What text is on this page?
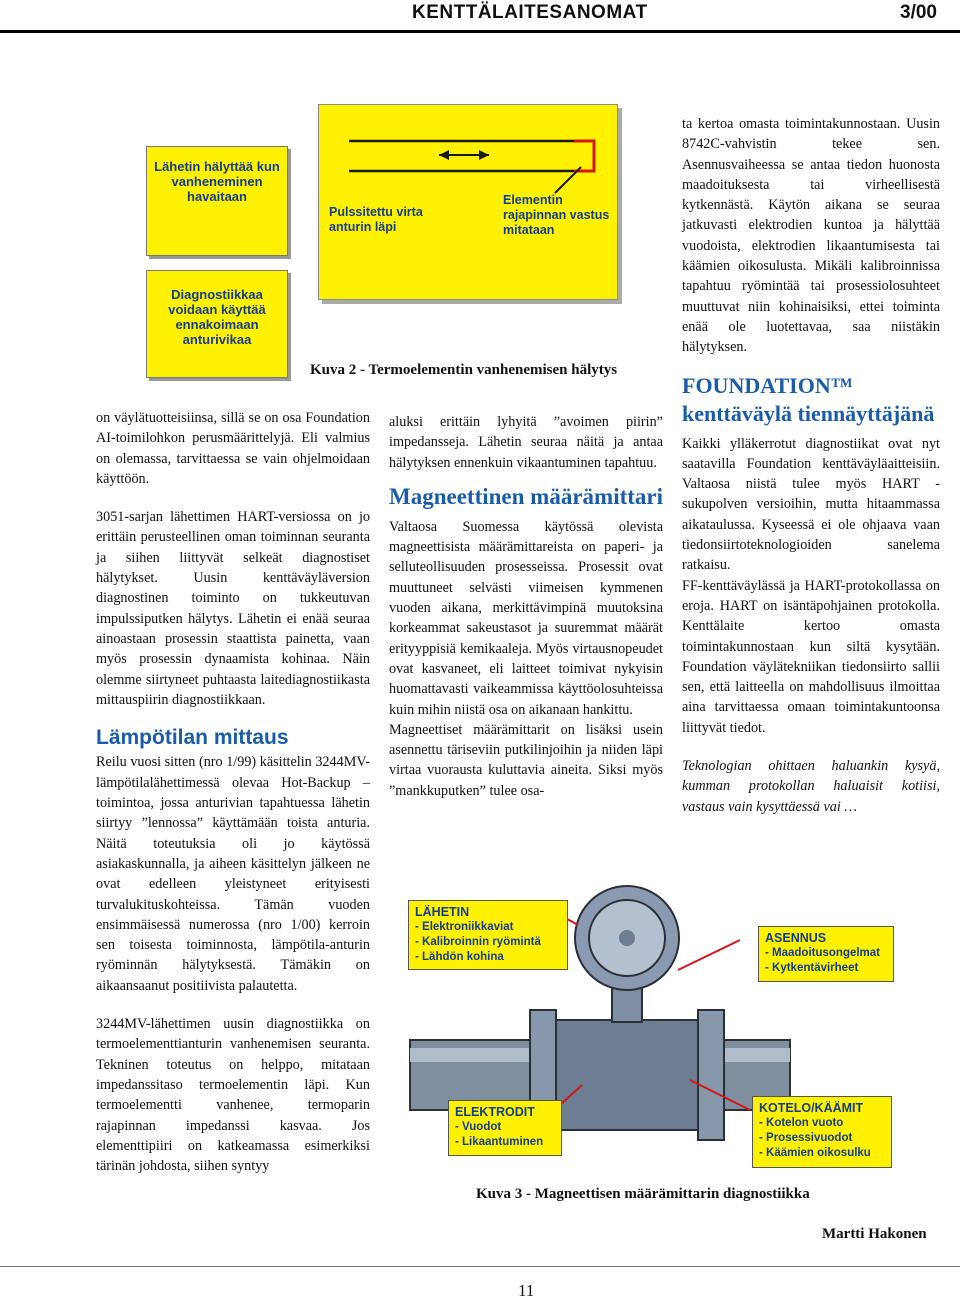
KENTTÄLAITESANOMAT	3/00
Lähetin hälyttää kun vanheneminen havaitaan
Diagnostiikkaa voidaan käyttää ennakoimaan anturivikaa
Pulssitettu virta anturin läpi
Elementin rajapinnan vastus mitataan
Kuva 2 - Termoelementin vanhenemisen hälytys

on väylätuotteisiinsa, sillä se on osa Foundation AI-toimilohkon perusmäärittelyjä. Eli valmius on olemassa, tarvittaessa se vain ohjelmoidaan käyttöön.

3051-sarjan lähettimen HART-versiossa on jo erittäin perusteellinen oman toiminnan seuranta ja siihen liittyvät selkeät diagnostiset hälytykset. Uusin kenttäväyläversion diagnostinen toiminto on tukkeutuvan impulssiputken hälytys. Lähetin ei enää seuraa ainoastaan prosessin staattista painetta, vaan myös prosessin dynaamista kohinaa. Näin olemme siirtyneet puhtaasta laitediagnostiikasta mittauspiirin diagnostiikkaan.

Lämpötilan mittaus

Reilu vuosi sitten (nro 1/99) käsittelin 3244MV-lämpötilalähettimessä olevaa Hot-Backup –toimintoa, jossa anturivian tapahtuessa lähetin siirtyy ”lennossa” käyttämään toista anturia. Näitä toteutuksia oli jo käytössä asiakaskunnalla, ja aiheen käsittelyn jälkeen ne ovat edelleen yleistyneet erityisesti turvalukituskohteissa. Tämän vuoden ensimmäisessä numerossa (nro 1/00) kerroin sen toisesta toiminnosta, lämpötila-anturin ryöminnän hälytyksestä. Tämäkin on aikaansaanut positiivista palautetta.

3244MV-lähettimen uusin diagnostiikka on termoelementtianturin vanhenemisen seuranta. Tekninen toteutus on helppo, mitataan impedanssitaso termoelementin läpi. Kun termoelementti vanhenee, termoparin rajapinnan impedanssi kasvaa. Jos elementtipiiri on katkeamassa esimerkiksi tärinän johdosta, siihen syntyy

aluksi erittäin lyhyitä ”avoimen piirin” impedansseja. Lähetin seuraa näitä ja antaa hälytyksen ennenkuin vikaantuminen tapahtuu.

Magneettinen määrämittari

Valtaosa Suomessa käytössä olevista magneettisista määrämittareista on paperi- ja selluteollisuuden prosesseissa. Prosessit ovat muuttuneet selvästi viimeisen kymmenen vuoden aikana, merkittävimpinä muutoksina korkeammat sakeustasot ja suuremmat määrät erityyppisiä kemikaaleja. Myös virtausnopeudet ovat kasvaneet, eli laitteet toimivat nykyisin huomattavasti vaikeammissa käyttöolosuhteissa kuin mihin niistä osa on aikanaan hankittu.

Magneettiset määrämittarit on lisäksi usein asennettu täriseviin putkilinjoihin ja niiden läpi virtaa vuorausta kuluttavia aineita. Siksi myös ”mankkuputken” tulee osa-

ta kertoa omasta toimintakunnostaan. Uusin 8742C-vahvistin tekee sen. Asennusvaiheessa se antaa tiedon huonosta maadoituksesta tai virheellisestä kytkennästä. Käytön aikana se seuraa jatkuvasti elektrodien kuntoa ja hälyttää vuodoista, elektrodien likaantumisesta tai käämien oikosulusta. Mikäli kalibroinnissa tapahtuu ryömintää tai prosessiolosuhteet muuttuvat niin kohinaisiksi, ettei toiminta enää ole luotettavaa, saa niistäkin hälytyksen.

FOUNDATION™ kenttäväylä tiennäyttäjänä

Kaikki ylläkerrotut diagnostiikat ovat nyt saatavilla Foundation kenttäväyläaitteisiin. Valtaosa niistä tulee myös HART -sukupolven versioihin, mutta hitaammassa aikataulussa. Kyseessä ei ole ohjaava vaan tiedonsiirtoteknologioiden sanelema ratkaisu.

FF-kenttäväylässä ja HART-protokollassa on eroja. HART on isäntäpohjainen protokolla. Kenttälaite kertoo omasta toimintakunnostaan kun siltä kysytään. Foundation väylätekniikan tiedonsiirto sallii sen, että laitteella on mahdollisuus ilmoittaa aina tarvittaessa omaan toimintakuntoonsa liittyvät tiedot.

Teknologian ohittaen haluankin kysyä, kumman protokollan haluaisit kotiisi, vastaus vain kysyttäessä vai …

LÄHETIN
- Elektroniikkaviat
- Kalibroinnin ryömintä
- Lähdön kohina
ASENNUS
- Maadoitusongelmat
- Kytkentävirheet
ELEKTRODIT
- Vuodot
- Likaantuminen
KOTELO/KÄÄMIT
- Kotelon vuoto
- Prosessivuodot
- Käämien oikosulku
Kuva 3 - Magneettisen määrämittarin diagnostiikka
Martti Hakonen
11
